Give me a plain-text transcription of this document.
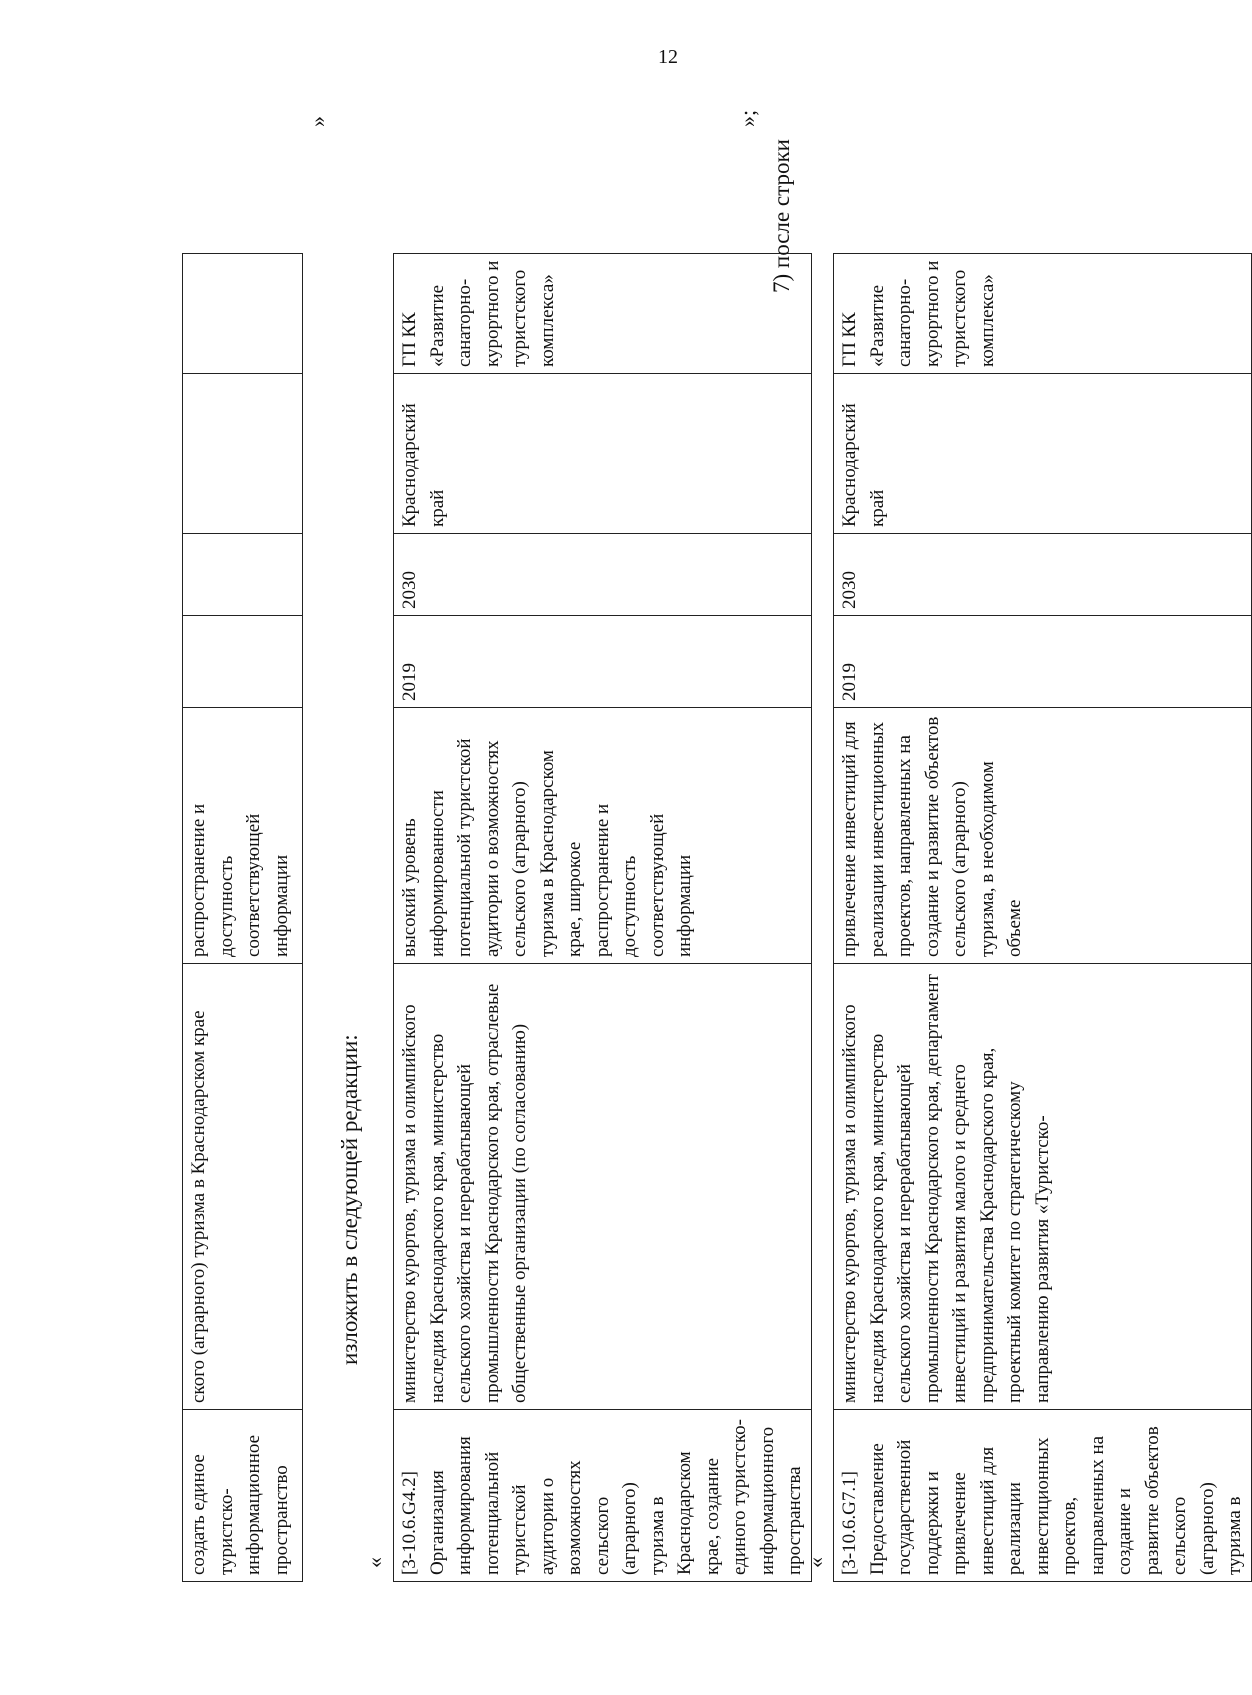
12
создать единое туристско-информационное пространство	ского (аграрного) туризма в Краснодарском крае	распространение и доступность соответствующей информации				
»
изложить в следующей редакции:
« [3-10.6.G4.2] Организация информирования потенциальной туристской аудитории о возможностях сельского (аграрного) туризма в Краснодарском крае, создание единого туристско-информационного пространства	министерство курортов, туризма и олимпийского наследия Краснодарского края, министерство сельского хозяйства и перерабатывающей промышленности Краснодарского края, отраслевые общественные организации (по согласованию)	высокий уровень информированности потенциальной туристской аудитории о возможностях сельского (аграрного) туризма в Краснодарском крае, широкое распространение и доступность соответствующей информации	2019	2030	Краснодарский край	ГП КК «Развитие санаторно-курортного и туристского комплекса»
»;
7) после строки
« [3-10.6.G7.1] Предоставление государственной поддержки и привлечение инвестиций для реализации инвестиционных проектов, направленных на создание и развитие объектов сельского (аграрного) туризма в	министерство курортов, туризма и олимпийского наследия Краснодарского края, министерство сельского хозяйства и перерабатывающей промышленности Краснодарского края, департамент инвестиций и развития малого и среднего предпринимательства Краснодарского края, проектный комитет по стратегическому направлению развития «Туристско-	привлечение инвестиций для реализации инвестиционных проектов, направленных на создание и развитие объектов сельского (аграрного) туризма, в необходимом объеме	2019	2030	Краснодарский край	ГП КК «Развитие санаторно-курортного и туристского комплекса»
